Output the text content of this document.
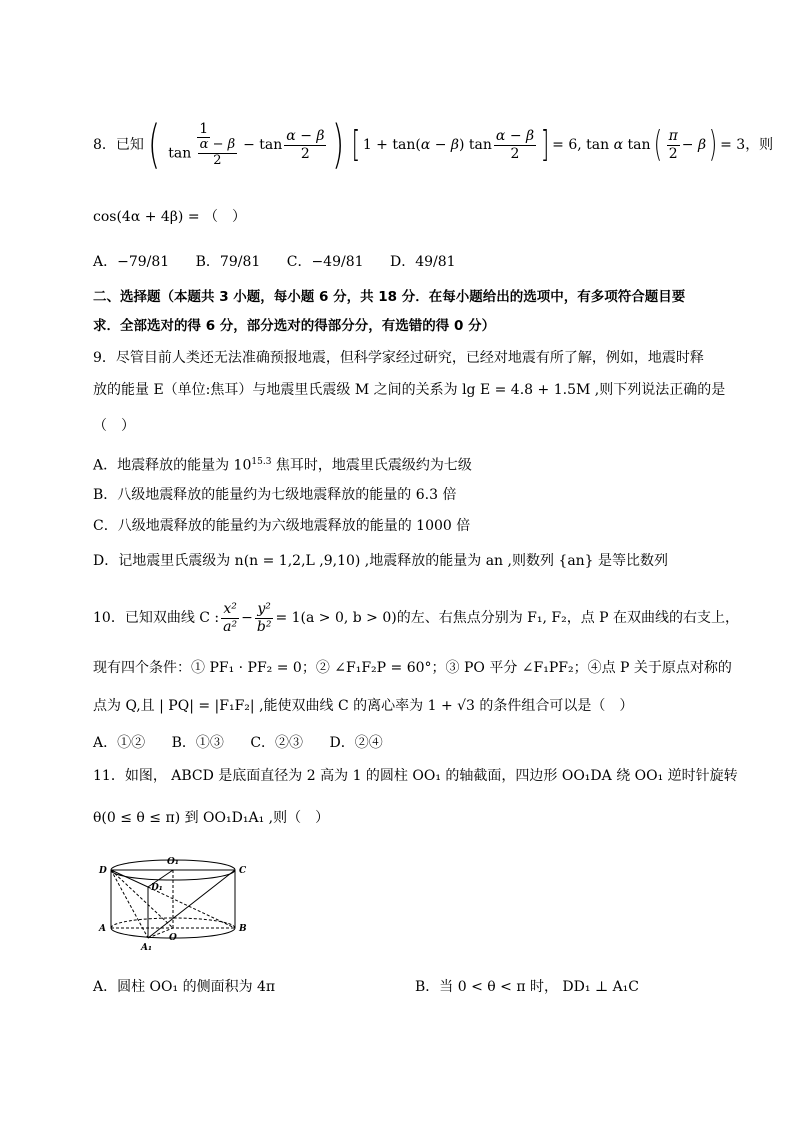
8．已知 ( $\frac{1}{\tan \frac{\alpha - \beta}{2}} - \tan \frac{\alpha - \beta}{2}$ ) [ 1 + tan( α − β ) $\tan \frac{\alpha - \beta}{2}$ ] = 6, tan
α
tan ( $\frac{\pi}{2} - \beta$ ) = 3 ，则
cos(4α + 4β) = （　）
A．−79/81 B．79/81 C．−49/81 D．49/81
二、选择题（本题共 3 小题，每小题 6 分，共 18 分．在每小题给出的选项中，有多项符合题目要
求．全部选对的得 6 分，部分选对的得部分分，有选错的得 0 分）
9．尽管目前人类还无法准确预报地震，但科学家经过研究，已经对地震有所了解，例如，地震时释
放的能量 E（单位:焦耳）与地震里氏震级 M 之间的关系为 lg E = 4.8 + 1.5M ,则下列说法正确的是
（　）
A．地震释放的能量为 $10^{15.3}$ 焦耳时，地震里氏震级约为七级
B．八级地震释放的能量约为七级地震释放的能量的 6.3 倍
C．八级地震释放的能量约为六级地震释放的能量的 1000 倍
D．记地震里氏震级为 n(n = 1,2,L ,9,10) ,地震释放的能量为 an ,则数列 {an} 是等比数列
10．已知双曲线 C : $\frac{\text{x²}}{\text{a²}} - \frac{\text{y²}}{\text{b²}} = 1(a > 0$, b > 0) 的左、右焦点分别为 F₁, F₂，点 P 在双曲线的右支上，
现有四个条件：① PF₁ · PF₂ = 0；② ∠F₁F₂P = 60°；③ PO 平分 ∠F₁PF₂；④点 P 关于原点对称的
点为 Q,且 | PQ| = |F₁F₂| ,能使双曲线 C 的离心率为 1 + √3 的条件组合可以是（　）
A．①② B．①③ C．②③ D．②④
11．如图， ABCD 是底面直径为 2 高为 1 的圆柱 OO₁ 的轴截面，四边形 OO₁DA 绕 OO₁ 逆时针旋转
θ(0 ≤ θ ≤ π) 到 OO₁D₁A₁ ,则（　）
D	C
O₁
D₁
A	B
O
A₁
A．圆柱 OO₁ 的侧面积为 4π	B．当 0 < θ < π 时， DD₁ ⊥ A₁C
